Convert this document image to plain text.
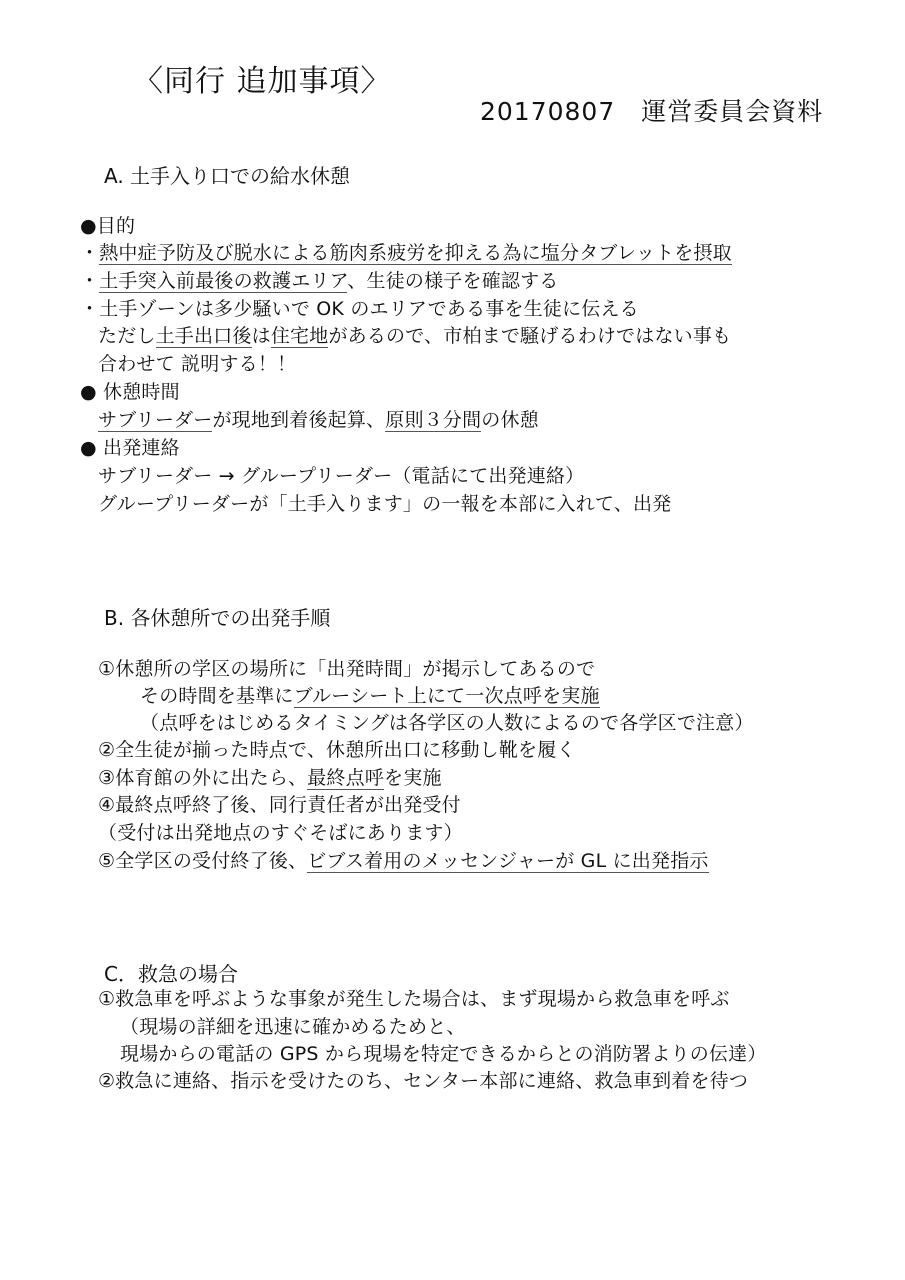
〈同行 追加事項〉
20170807　運営委員会資料
A. 土手入り口での給水休憩
●目的
・熱中症予防及び脱水による筋肉系疲労を抑える為に塩分タブレットを摂取
・土手突入前最後の救護エリア、生徒の様子を確認する
・土手ゾーンは多少騒いで OK のエリアである事を生徒に伝える
ただし土手出口後は住宅地があるので、市柏まで騒げるわけではない事も
合わせて 説明する！！
● 休憩時間
サブリーダーが現地到着後起算、原則３分間の休憩
● 出発連絡
サブリーダー → グループリーダー（電話にて出発連絡）
グループリーダーが「土手入ります」の一報を本部に入れて、出発
B. 各休憩所での出発手順
①休憩所の学区の場所に「出発時間」が掲示してあるので
その時間を基準にブルーシート上にて一次点呼を実施
（点呼をはじめるタイミングは各学区の人数によるので各学区で注意）
②全生徒が揃った時点で、休憩所出口に移動し靴を履く
③体育館の外に出たら、最終点呼を実施
④最終点呼終了後、同行責任者が出発受付
（受付は出発地点のすぐそばにあります）
⑤全学区の受付終了後、ビブス着用のメッセンジャーが GL に出発指示
C．救急の場合
①救急車を呼ぶような事象が発生した場合は、まず現場から救急車を呼ぶ
（現場の詳細を迅速に確かめるためと、
現場からの電話の GPS から現場を特定できるからとの消防署よりの伝達）
②救急に連絡、指示を受けたのち、センター本部に連絡、救急車到着を待つ
